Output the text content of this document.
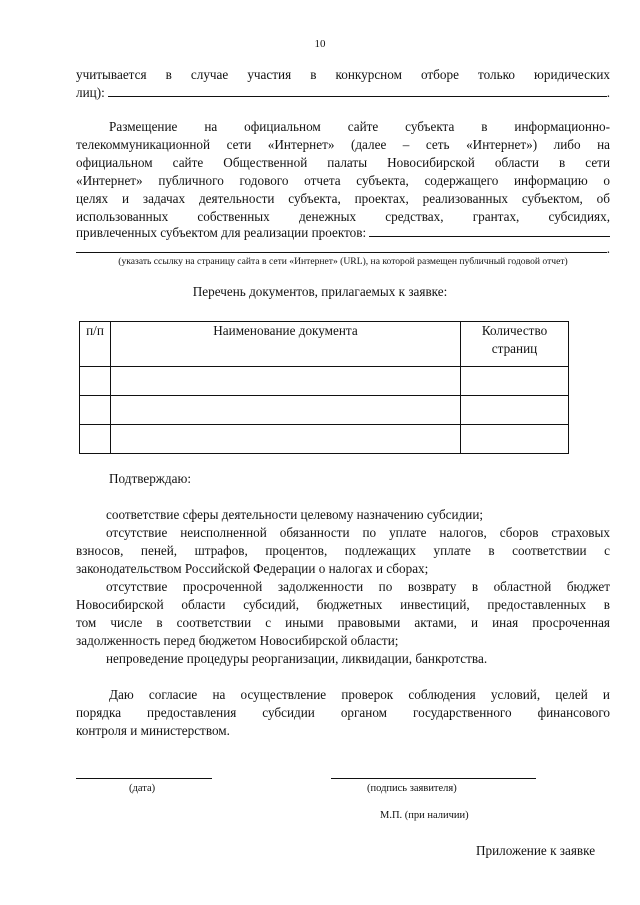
10
учитывается в случае участия в конкурсном отборе только юридических
лиц):	.
Размещение на официальном сайте субъекта в информационно-
телекоммуникационной сети «Интернет» (далее – сеть «Интернет») либо на
официальном сайте Общественной палаты Новосибирской области в сети
«Интернет» публичного годового отчета субъекта, содержащего информацию о
целях и задачах деятельности субъекта, проектах, реализованных субъектом, об
использованных собственных денежных средствах, грантах, субсидиях,
привлеченных субъектом для реализации проектов:
.
(указать ссылку на страницу сайта в сети «Интернет» (URL), на которой размещен публичный годовой отчет)
Перечень документов, прилагаемых к заявке:
п/п	Наименование документа	Количество страниц

Подтверждаю:
соответствие сферы деятельности целевому назначению субсидии;
отсутствие неисполненной обязанности по уплате налогов, сборов страховых
взносов, пеней, штрафов, процентов, подлежащих уплате в соответствии с
законодательством Российской Федерации о налогах и сборах;
отсутствие просроченной задолженности по возврату в областной бюджет
Новосибирской области субсидий, бюджетных инвестиций, предоставленных в
том числе в соответствии с иными правовыми актами, и иная просроченная
задолженность перед бюджетом Новосибирской области;
непроведение процедуры реорганизации, ликвидации, банкротства.
Даю согласие на осуществление проверок соблюдения условий, целей и
порядка предоставления субсидии органом государственного финансового
контроля и министерством.
(дата)	(подпись заявителя)
М.П. (при наличии)
Приложение к заявке
